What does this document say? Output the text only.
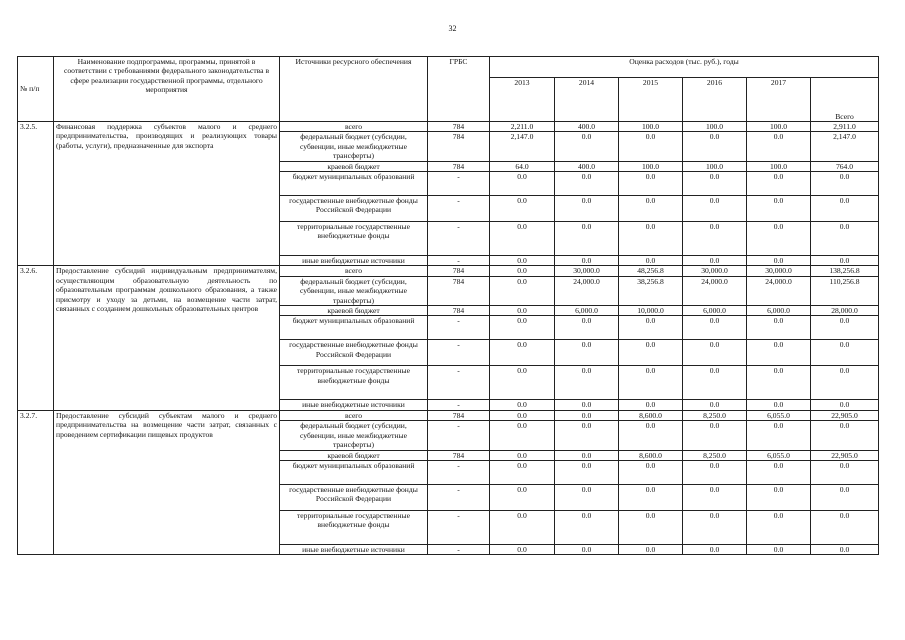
32
№ п/п	Наименование подпрограммы, программы, принятой в соответствии с требованиями федерального законодательства в сфере реализации государственной программы, отдельного мероприятия	Источники ресурсного обеспечения	ГРБС	Оценка расходов (тыс. руб.), годы					
				2013	2014	2015	2016	2017	Всего
3.2.5.	Финансовая поддержка субъектов малого и среднего предпринимательства, производящих и реализующих товары (работы, услуги), предназначенные для экспорта	всего	784	2,211.0	400.0	100.0	100.0	100.0	2,911.0
		федеральный бюджет (субсидии, субвенции, иные межбюджетные трансферты)	784	2,147.0	0.0	0.0	0.0	0.0	2,147.0
		краевой бюджет	784	64.0	400.0	100.0	100.0	100.0	764.0
		бюджет муниципальных образований	-	0.0	0.0	0.0	0.0	0.0	0.0
		государственные внебюджетные фонды Российской Федерации	-	0.0	0.0	0.0	0.0	0.0	0.0
		территориальные государственные внебюджетные фонды	-	0.0	0.0	0.0	0.0	0.0	0.0
		иные внебюджетные источники	-	0.0	0.0	0.0	0.0	0.0	0.0
3.2.6.	Предоставление субсидий индивидуальным предпринимателям, осуществляющим образовательную деятельность по образовательным программам дошкольного образования, а также присмотру и уходу за детьми, на возмещение части затрат, связанных с созданием дошкольных образовательных центров	всего	784	0.0	30,000.0	48,256.8	30,000.0	30,000.0	138,256.8
		федеральный бюджет (субсидии, субвенции, иные межбюджетные трансферты)	784	0.0	24,000.0	38,256.8	24,000.0	24,000.0	110,256.8
		краевой бюджет	784	0.0	6,000.0	10,000.0	6,000.0	6,000.0	28,000.0
		бюджет муниципальных образований	-	0.0	0.0	0.0	0.0	0.0	0.0
		государственные внебюджетные фонды Российской Федерации	-	0.0	0.0	0.0	0.0	0.0	0.0
		территориальные государственные внебюджетные фонды	-	0.0	0.0	0.0	0.0	0.0	0.0
		иные внебюджетные источники	-	0.0	0.0	0.0	0.0	0.0	0.0
3.2.7.	Предоставление субсидий субъектам малого и среднего предпринимательства на возмещение части затрат, связанных с проведением сертификации пищевых продуктов	всего	784	0.0	0.0	8,600.0	8,250.0	6,055.0	22,905.0
		федеральный бюджет (субсидии, субвенции, иные межбюджетные трансферты)	-	0.0	0.0	0.0	0.0	0.0	0.0
		краевой бюджет	784	0.0	0.0	8,600.0	8,250.0	6,055.0	22,905.0
		бюджет муниципальных образований	-	0.0	0.0	0.0	0.0	0.0	0.0
		государственные внебюджетные фонды Российской Федерации	-	0.0	0.0	0.0	0.0	0.0	0.0
		территориальные государственные внебюджетные фонды	-	0.0	0.0	0.0	0.0	0.0	0.0
		иные внебюджетные источники	-	0.0	0.0	0.0	0.0	0.0	0.0
